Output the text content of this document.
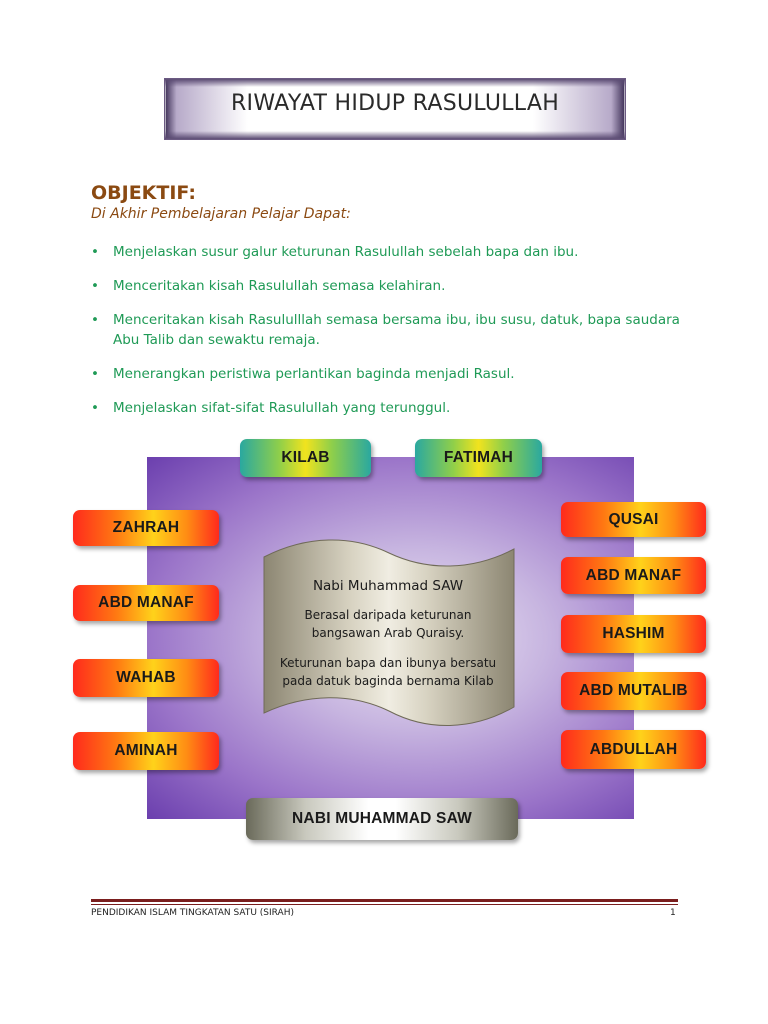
RIWAYAT HIDUP RASULULLAH
OBJEKTIF:
Di Akhir Pembelajaran Pelajar Dapat:
• Menjelaskan susur galur keturunan Rasulullah sebelah bapa dan ibu.
• Menceritakan kisah Rasulullah semasa kelahiran.
• Menceritakan kisah Rasululllah semasa bersama ibu, ibu susu, datuk, bapa saudara Abu Talib dan sewaktu remaja.
• Menerangkan peristiwa perlantikan baginda menjadi Rasul.
• Menjelaskan sifat-sifat Rasulullah yang terunggul.
KILAB	FATIMAH
ZAHRAH
ABD MANAF
WAHAB
AMINAH
QUSAI
ABD MANAF
HASHIM
ABD MUTALIB
ABDULLAH
NABI MUHAMMAD SAW
Nabi Muhammad SAW
Berasal daripada keturunan
bangsawan Arab Quraisy.
Keturunan bapa dan ibunya bersatu
pada datuk baginda bernama Kilab
PENDIDIKAN ISLAM TINGKATAN SATU (SIRAH)	1
